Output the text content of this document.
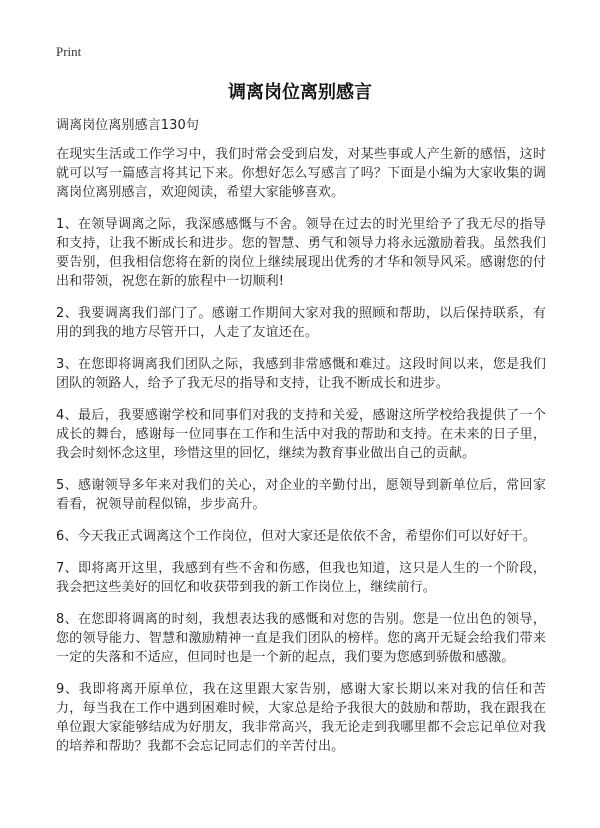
Print
调离岗位离别感言

调离岗位离别感言130句

在现实生活或工作学习中，我们时常会受到启发，对某些事或人产生新的感悟，这时就可以写一篇感言将其记下来。你想好怎么写感言了吗？下面是小编为大家收集的调离岗位离别感言，欢迎阅读，希望大家能够喜欢。

1、在领导调离之际，我深感感慨与不舍。领导在过去的时光里给予了我无尽的指导和支持，让我不断成长和进步。您的智慧、勇气和领导力将永远激励着我。虽然我们要告别，但我相信您将在新的岗位上继续展现出优秀的才华和领导风采。感谢您的付出和带领，祝您在新的旅程中一切顺利!

2、我要调离我们部门了。感谢工作期间大家对我的照顾和帮助，以后保持联系，有用的到我的地方尽管开口，人走了友谊还在。

3、在您即将调离我们团队之际，我感到非常感慨和难过。这段时间以来，您是我们团队的领路人，给予了我无尽的指导和支持，让我不断成长和进步。

4、最后，我要感谢学校和同事们对我的支持和关爱，感谢这所学校给我提供了一个成长的舞台，感谢每一位同事在工作和生活中对我的帮助和支持。在未来的日子里，我会时刻怀念这里，珍惜这里的回忆，继续为教育事业做出自己的贡献。

5、感谢领导多年来对我们的关心，对企业的辛勤付出，愿领导到新单位后，常回家看看，祝领导前程似锦，步步高升。

6、今天我正式调离这个工作岗位，但对大家还是依依不舍，希望你们可以好好干。

7、即将离开这里，我感到有些不舍和伤感，但我也知道，这只是人生的一个阶段，我会把这些美好的回忆和收获带到我的新工作岗位上，继续前行。

8、在您即将调离的时刻，我想表达我的感慨和对您的告别。您是一位出色的领导，您的领导能力、智慧和激励精神一直是我们团队的榜样。您的离开无疑会给我们带来一定的失落和不适应，但同时也是一个新的起点，我们要为您感到骄傲和感激。

9、我即将离开原单位，我在这里跟大家告别，感谢大家长期以来对我的信任和苦力，每当我在工作中遇到困难时候，大家总是给予我很大的鼓励和帮助，我在跟我在单位跟大家能够结成为好朋友，我非常高兴，我无论走到我哪里都不会忘记单位对我的培养和帮助？我都不会忘记同志们的辛苦付出。
